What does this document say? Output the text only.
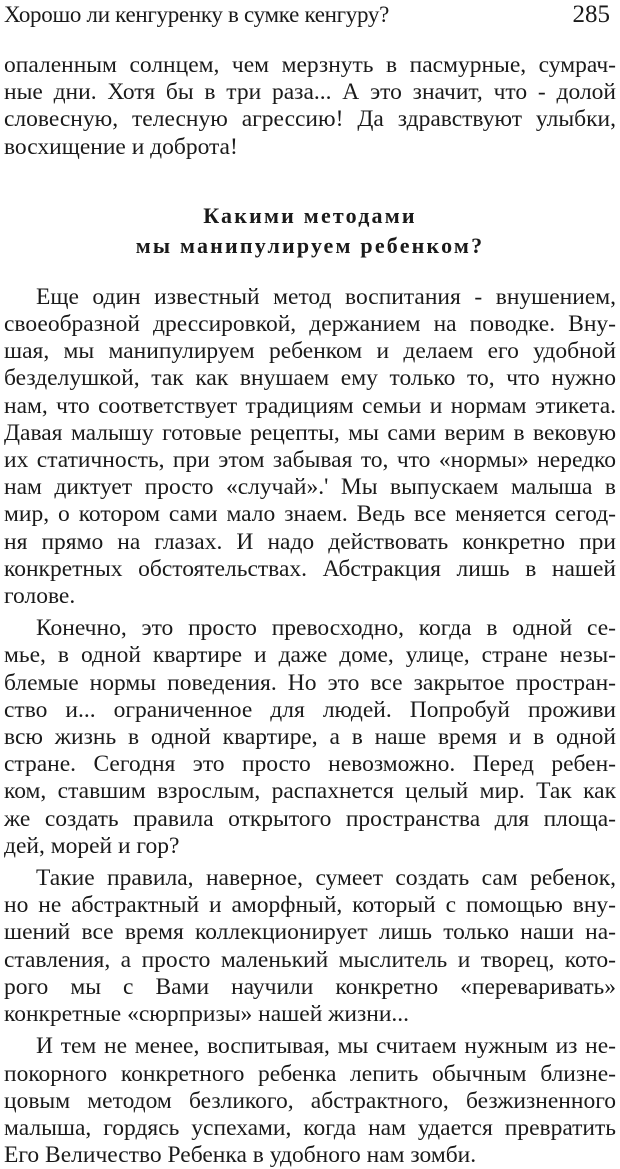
Хорошо ли кенгуренку в сумке кенгуру?	285

опаленным солнцем, чем мерзнуть в пасмурные, сумрач-

ные дни. Хотя бы в три раза... А это значит, что - долой

словесную, телесную агрессию! Да здравствуют улыбки,

восхищение и доброта!

Какими методами
мы манипулируем ребенком?

Еще один известный метод воспитания - внушением,

своеобразной дрессировкой, держанием на поводке. Вну-

шая, мы манипулируем ребенком и делаем его удобной

безделушкой, так как внушаем ему только то, что нужно

нам, что соответствует традициям семьи и нормам этикета.

Давая малышу готовые рецепты, мы сами верим в вековую

их статичность, при этом забывая то, что «нормы» нередко

нам диктует просто «случай».' Мы выпускаем малыша в

мир, о котором сами мало знаем. Ведь все меняется сегод-

ня прямо на глазах. И надо действовать конкретно при

конкретных обстоятельствах. Абстракция лишь в нашей

голове.

Конечно, это просто превосходно, когда в одной се-

мье, в одной квартире и даже доме, улице, стране незы-

блемые нормы поведения. Но это все закрытое простран-

ство и... ограниченное для людей. Попробуй проживи

всю жизнь в одной квартире, а в наше время и в одной

стране. Сегодня это просто невозможно. Перед ребен-

ком, ставшим взрослым, распахнется целый мир. Так как

же создать правила открытого пространства для площа-

дей, морей и гор?

Такие правила, наверное, сумеет создать сам ребенок,

но не абстрактный и аморфный, который с помощью вну-

шений все время коллекционирует лишь только наши на-

ставления, а просто маленький мыслитель и творец, кото-

рого мы с Вами научили конкретно «переваривать»

конкретные «сюрпризы» нашей жизни...

И тем не менее, воспитывая, мы считаем нужным из не-

покорного конкретного ребенка лепить обычным близне-

цовым методом безликого, абстрактного, безжизненного

малыша, гордясь успехами, когда нам удается превратить

Его Величество Ребенка в удобного нам зомби.
